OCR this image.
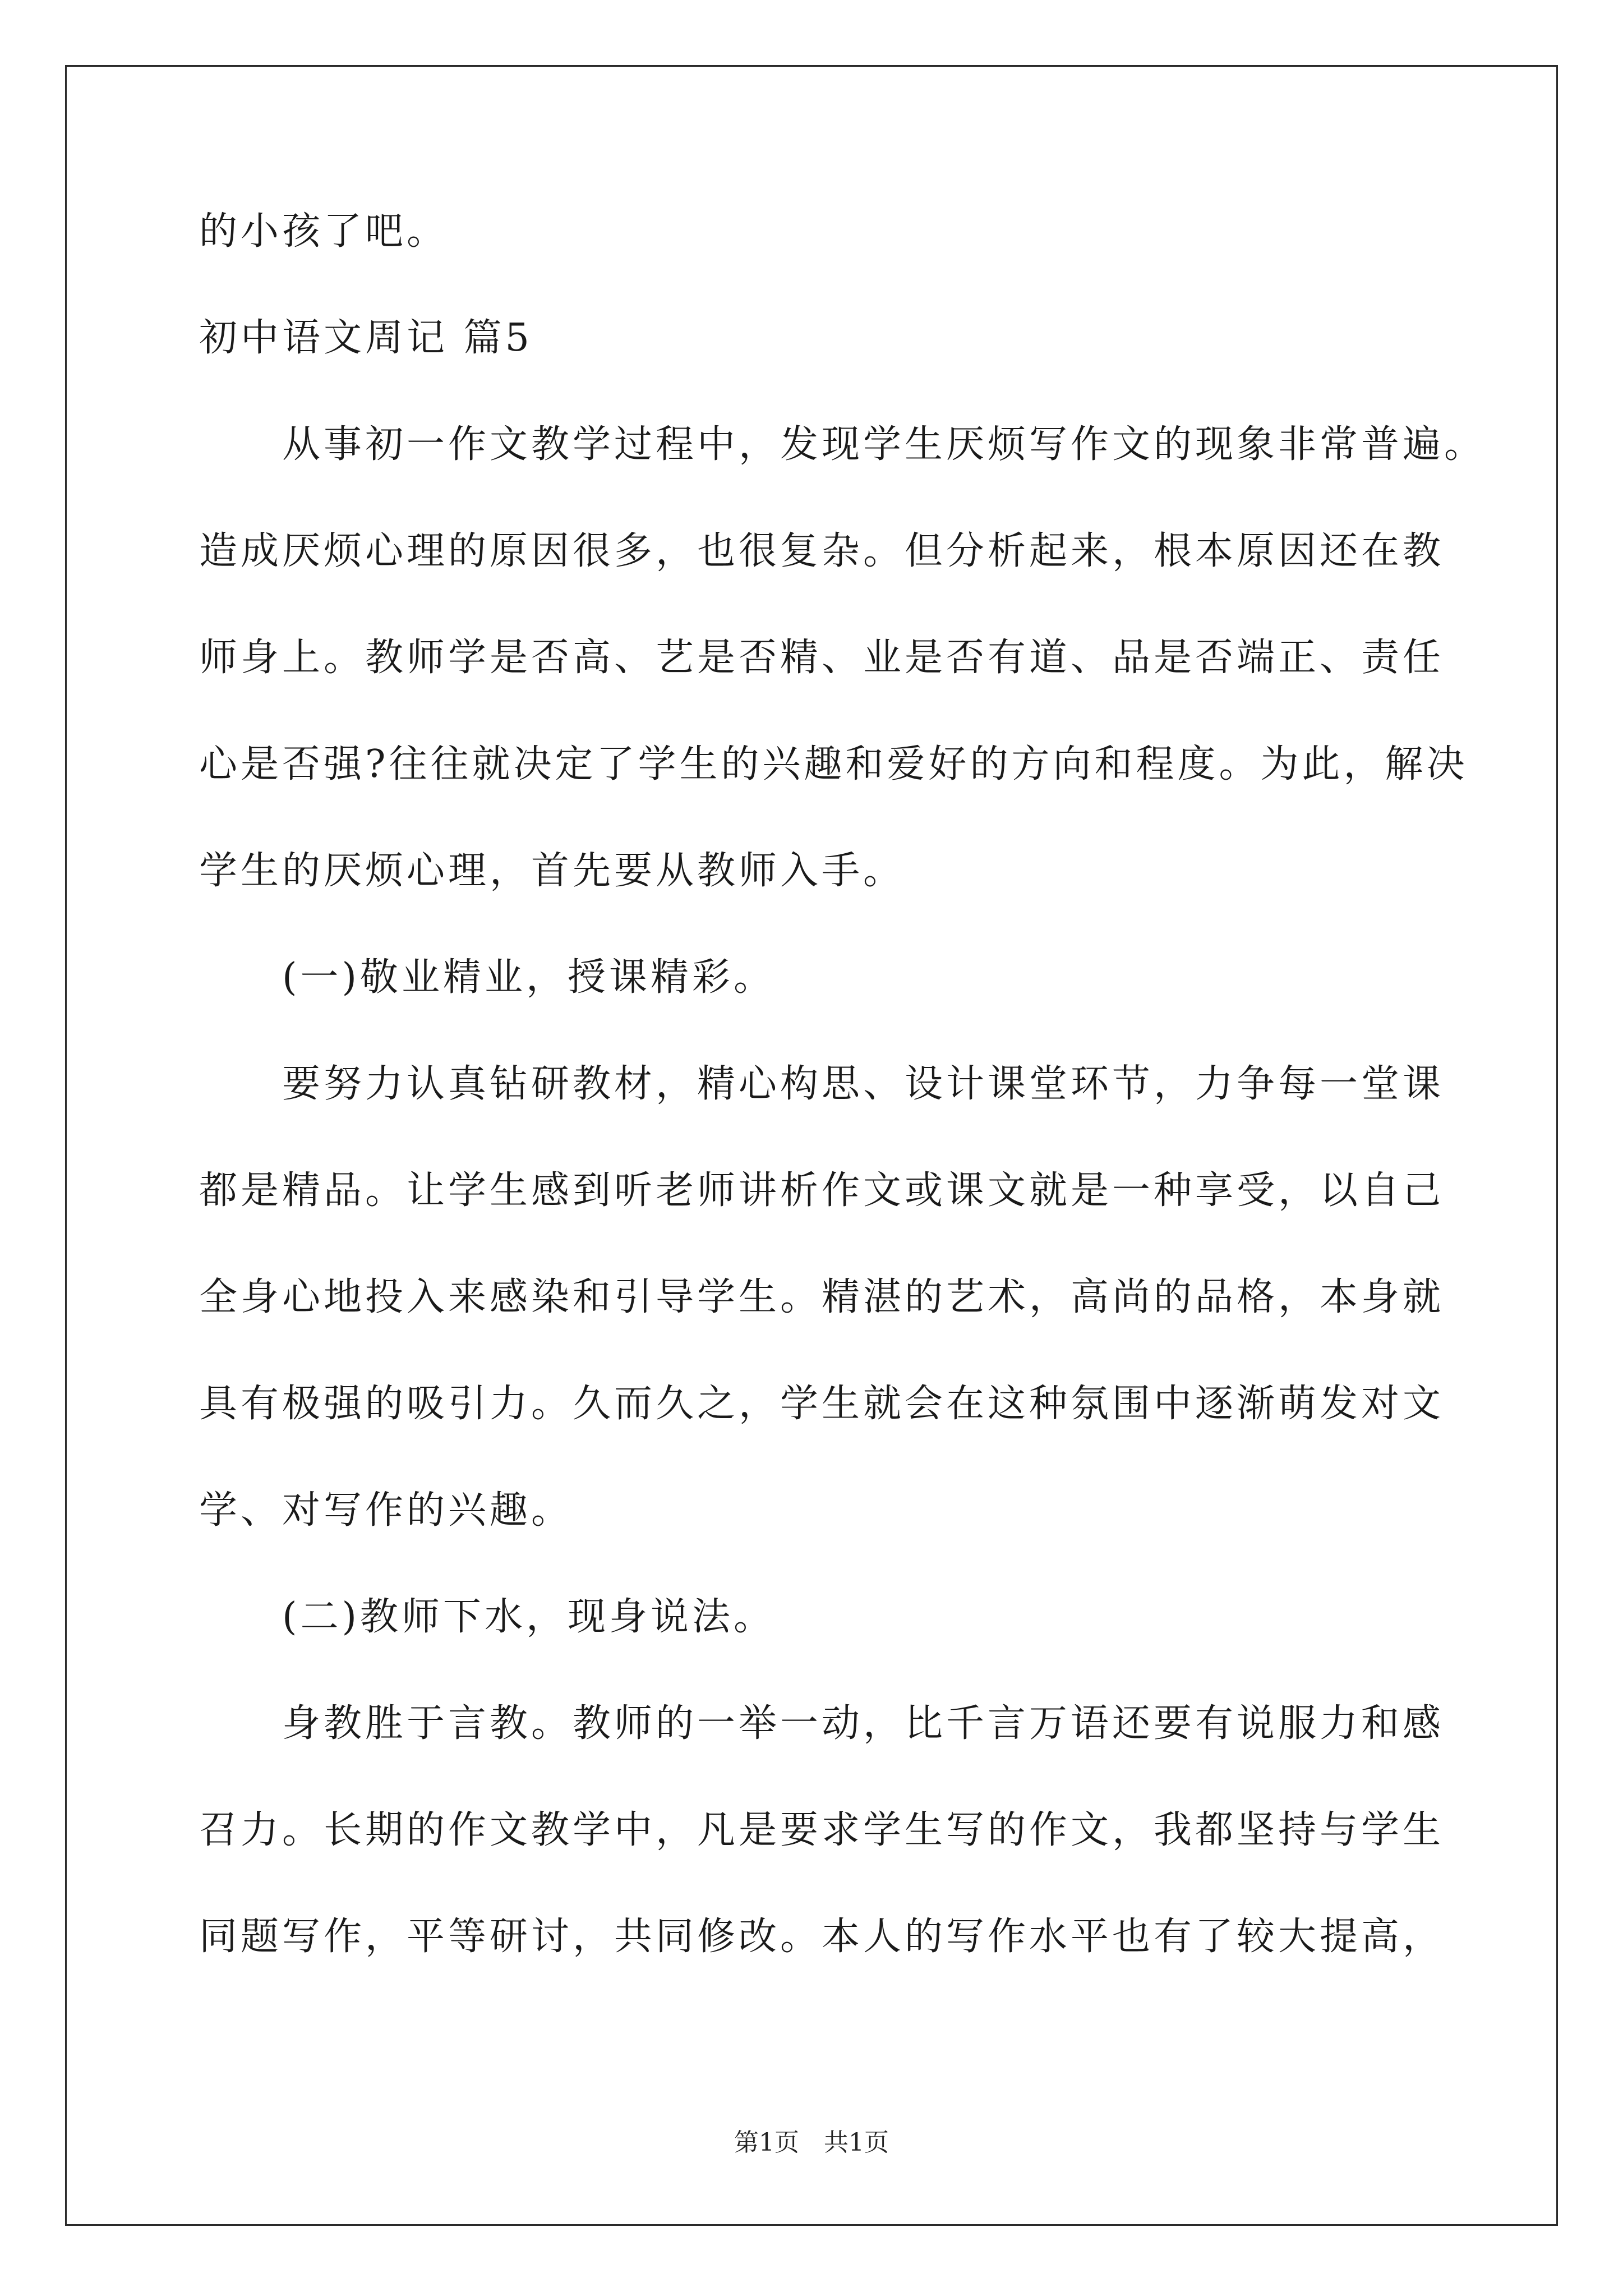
的小孩了吧。
初中语文周记 篇5
　　从事初一作文教学过程中，发现学生厌烦写作文的现象非常普遍。
造成厌烦心理的原因很多，也很复杂。但分析起来，根本原因还在教
师身上。教师学是否高、艺是否精、业是否有道、品是否端正、责任
心是否强?往往就决定了学生的兴趣和爱好的方向和程度。为此，解决
学生的厌烦心理，首先要从教师入手。
　　(一)敬业精业，授课精彩。
　　要努力认真钻研教材，精心构思、设计课堂环节，力争每一堂课
都是精品。让学生感到听老师讲析作文或课文就是一种享受，以自己
全身心地投入来感染和引导学生。精湛的艺术，高尚的品格，本身就
具有极强的吸引力。久而久之，学生就会在这种氛围中逐渐萌发对文
学、对写作的兴趣。
　　(二)教师下水，现身说法。
　　身教胜于言教。教师的一举一动，比千言万语还要有说服力和感
召力。长期的作文教学中，凡是要求学生写的作文，我都坚持与学生
同题写作，平等研讨，共同修改。本人的写作水平也有了较大提高，
第1页　共1页
